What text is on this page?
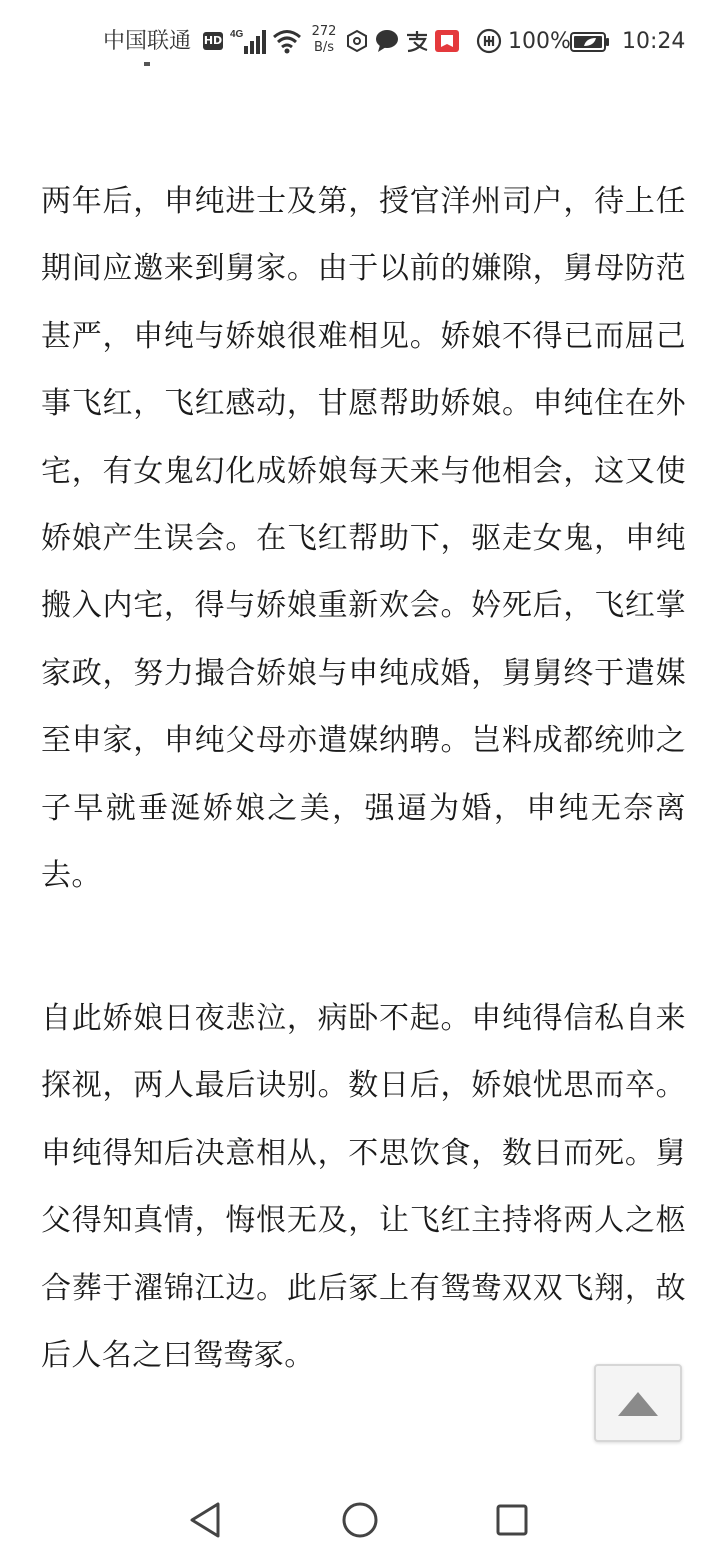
中国联通 HD 4G	272
B/s	100% 10:24

两年后，申纯进士及第，授官洋州司户，待上任期间应邀来到舅家。由于以前的嫌隙，舅母防范甚严，申纯与娇娘很难相见。娇娘不得已而屈己事飞红，飞红感动，甘愿帮助娇娘。申纯住在外宅，有女鬼幻化成娇娘每天来与他相会，这又使娇娘产生误会。在飞红帮助下，驱走女鬼，申纯搬入内宅，得与娇娘重新欢会。妗死后，飞红掌家政，努力撮合娇娘与申纯成婚，舅舅终于遣媒至申家，申纯父母亦遣媒纳聘。岂料成都统帅之子早就垂涎娇娘之美，强逼为婚，申纯无奈离去。

自此娇娘日夜悲泣，病卧不起。申纯得信私自来探视，两人最后诀别。数日后，娇娘忧思而卒。申纯得知后决意相从，不思饮食，数日而死。舅父得知真情，悔恨无及，让飞红主持将两人之柩合葬于濯锦江边。此后冢上有鸳鸯双双飞翔，故后人名之曰鸳鸯冢。
